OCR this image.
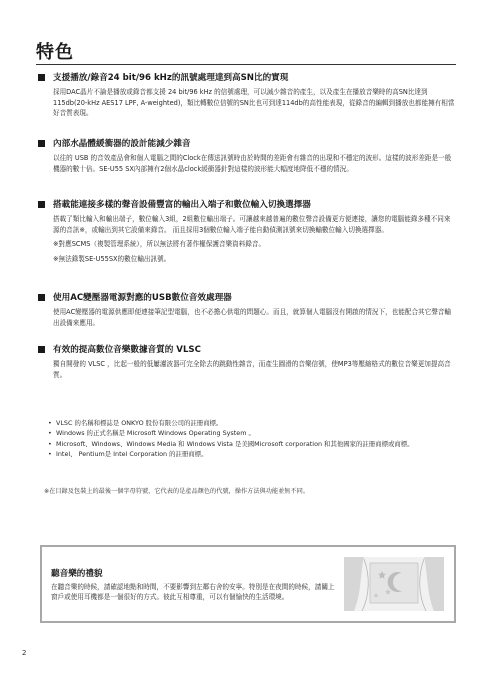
特色
支援播放/錄音24 bit/96 kHz的訊號處理達到高SN比的實現

採用DAC晶片不論是播放或錄音都支援 24 bit/96 kHz 的信號處理，可以減少雜音的產生，以及產生在播放音樂時的高SN比達到115db(20-kHz AES17 LPF, A-weighted)，類比轉數位信號的SN比也可到達114db的高性能表現，從錄音的編輯到播放也都能擁有相當好音質表現。

內部水晶體緩衝器的設計能減少雜音

以往的 USB 的音效產品會和個人電腦之間的Clock在傳送訊號時由於時間的差距會有雜音的出現和不穩定的波形。這樣的波形差距是一般機器的數十倍。SE-U55 SX內部擁有2個水晶clock緩衝器針對這樣的波形能大幅度地降低不穩的情況。

搭載能連接多樣的聲音設備豐富的輸出入端子和數位輸入切換選擇器

搭載了類比輸入和輸出端子，數位輸入3組，2組數位輸出端子。可讓越來越普遍的數位聲音設備更方便連接，讓您的電腦能錄多種不同來源的音訊※，或輸出到其它設備來錄音。 而且採用3個數位輸入端子能自動偵測訊號來切換輸數位輸入切換選擇器。

※對應SCMS（複製管理系統），所以無法將有著作權保護音樂資料錄音。

※無法錄製SE-U55SX的數位輸出訊號。

使用AC變壓器電源對應的USB數位音效處理器

使用AC變壓器的電源供應即便連接筆記型電腦，也不必擔心供電的問題心。而且，就算個人電腦沒有開啟的情況下，也能配合其它聲音輸出設備來應用。

有效的提高數位音樂數據音質的 VLSC

獨自開發的 VLSC ，比起一般的低屢濾波器可完全除去的跳動性雜音，而產生圓滑的音樂信號，使MP3等壓縮格式的數位音樂更加提高音質。

• VLSC 的名稱和標誌是 ONKYO 股份有限公司的註冊商標。
• Windows 的正式名稱是 Microsoft Windows Operating System 。
• Microsoft、Windows、Windows Media 和 Windows Vista 是美國Microsoft corporation 和其他國家的註冊商標或商標。
• Intel、 Pentium是 Intel Corporation 的註冊商標。

※在目錄及包裝上的最後一個字母符號，它代表的是產品顏色的代號，操作方法與功能並無不同。

聽音樂的禮貌
在聽音樂的時候，請確認地點和時間，不要影響到左鄰右舍的安寧。特別是在夜間的時候，請關上窗戶或使用耳機都是一個很好的方式。彼此互相尊重，可以有個愉快的生活環境。
2
